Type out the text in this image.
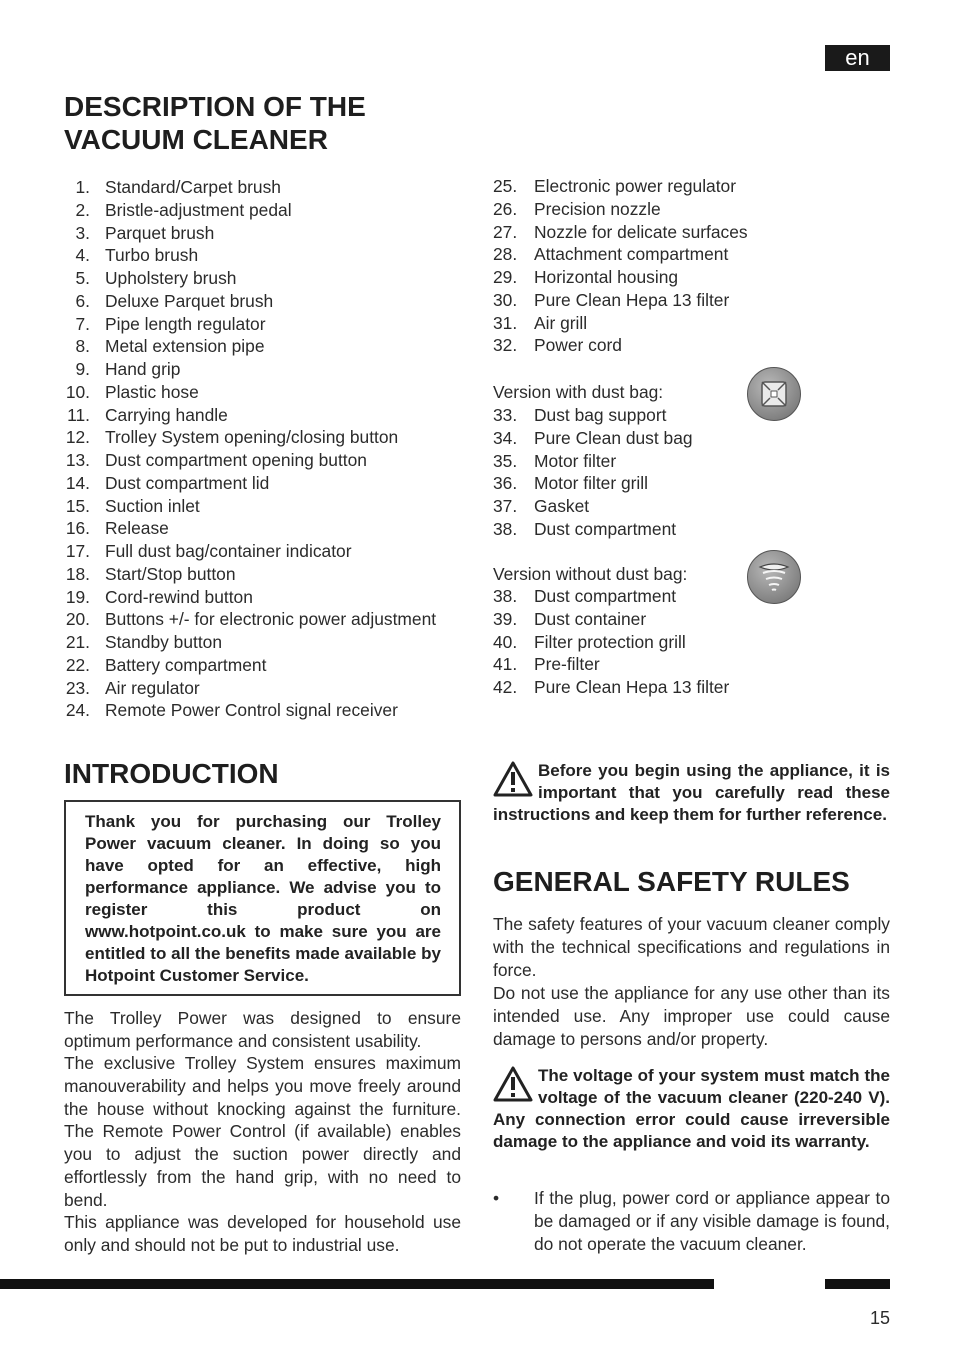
en
DESCRIPTION OF THE VACUUM CLEANER
1. Standard/Carpet brush
2. Bristle-adjustment pedal
3. Parquet brush
4. Turbo brush
5. Upholstery brush
6. Deluxe Parquet brush
7. Pipe length regulator
8. Metal extension pipe
9. Hand grip
10. Plastic hose
11. Carrying handle
12. Trolley System opening/closing button
13. Dust compartment opening button
14. Dust compartment lid
15. Suction inlet
16. Release
17. Full dust bag/container indicator
18. Start/Stop button
19. Cord-rewind button
20. Buttons +/- for electronic power adjustment
21. Standby button
22. Battery compartment
23. Air regulator
24. Remote Power Control signal receiver
25. Electronic power regulator
26. Precision nozzle
27. Nozzle for delicate surfaces
28. Attachment compartment
29. Horizontal housing
30. Pure Clean Hepa 13 filter
31. Air grill
32. Power cord
Version with dust bag:
33. Dust bag support
34. Pure Clean dust bag
35. Motor filter
36. Motor filter grill
37. Gasket
38. Dust compartment
Version without dust bag:
38. Dust compartment
39. Dust container
40. Filter protection grill
41. Pre-filter
42. Pure Clean Hepa 13 filter
INTRODUCTION
Thank you for purchasing our Trolley Power vacuum cleaner. In doing so you have opted for an effective, high performance appliance. We advise you to register this product on www.hotpoint.co.uk to make sure you are entitled to all the benefits made available by Hotpoint Customer Service.

The Trolley Power was designed to ensure optimum performance and consistent usability.

The exclusive Trolley System ensures maximum manouverability and helps you move freely around the house without knocking against the furniture. The Remote Power Control (if available) enables you to adjust the suction power directly and effortlessly from the hand grip, with no need to bend.

This appliance was developed for household use only and should not be put to industrial use.

Before you begin using the appliance, it is important that you carefully read these instructions and keep them for further reference.
GENERAL SAFETY RULES

The safety features of your vacuum cleaner comply with the technical specifications and regulations in force.

Do not use the appliance for any use other than its intended use. Any improper use could cause damage to persons and/or property.

The voltage of your system must match the voltage of the vacuum cleaner (220-240 V). Any connection error could cause irreversible damage to the appliance and void its warranty.
•	If the plug, power cord or appliance appear to be damaged or if any visible damage is found, do not operate the vacuum cleaner.
15
